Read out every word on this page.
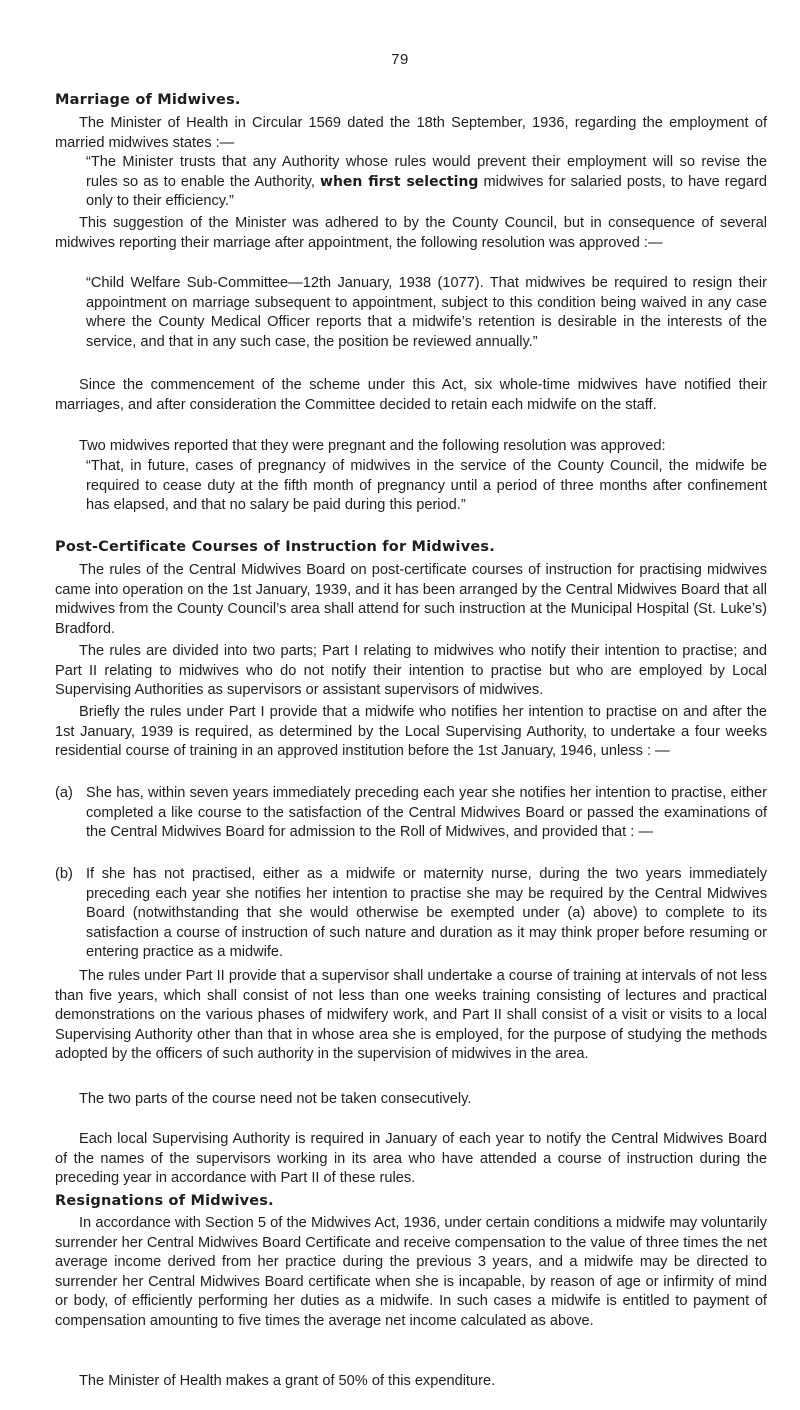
79
Marriage of Midwives.
The Minister of Health in Circular 1569 dated the 18th September, 1936, regarding the employment of married midwives states :—
“The Minister trusts that any Authority whose rules would prevent their employment will so revise the rules so as to enable the Authority, when first selecting midwives for salaried posts, to have regard only to their efficiency.”
This suggestion of the Minister was adhered to by the County Council, but in consequence of several midwives reporting their marriage after appointment, the following resolution was approved :—
“Child Welfare Sub-Committee—12th January, 1938 (1077). That midwives be required to resign their appointment on marriage subsequent to appointment, subject to this condition being waived in any case where the County Medical Officer reports that a midwife’s retention is desirable in the interests of the service, and that in any such case, the position be reviewed annually.”
Since the commencement of the scheme under this Act, six whole-time midwives have notified their marriages, and after consideration the Committee decided to retain each midwife on the staff.
Two midwives reported that they were pregnant and the following resolution was approved:
“That, in future, cases of pregnancy of midwives in the service of the County Council, the midwife be required to cease duty at the fifth month of pregnancy until a period of three months after confinement has elapsed, and that no salary be paid during this period.”
Post-Certificate Courses of Instruction for Midwives.
The rules of the Central Midwives Board on post-certificate courses of instruction for practising midwives came into operation on the 1st January, 1939, and it has been arranged by the Central Midwives Board that all midwives from the County Council’s area shall attend for such instruction at the Municipal Hospital (St. Luke’s) Bradford.
The rules are divided into two parts; Part I relating to midwives who notify their intention to practise; and Part II relating to midwives who do not notify their intention to practise but who are employed by Local Supervising Authorities as supervisors or assistant supervisors of midwives.
Briefly the rules under Part I provide that a midwife who notifies her intention to practise on and after the 1st January, 1939 is required, as determined by the Local Supervising Authority, to undertake a four weeks residential course of training in an approved institution before the 1st January, 1946, unless : —
(a) She has, within seven years immediately preceding each year she notifies her intention to practise, either completed a like course to the satisfaction of the Central Midwives Board or passed the examinations of the Central Midwives Board for admission to the Roll of Midwives, and provided that : —
(b) If she has not practised, either as a midwife or maternity nurse, during the two years immediately preceding each year she notifies her intention to practise she may be required by the Central Midwives Board (notwithstanding that she would otherwise be exempted under (a) above) to complete to its satisfaction a course of instruction of such nature and duration as it may think proper before resuming or entering practice as a midwife.
The rules under Part II provide that a supervisor shall undertake a course of training at intervals of not less than five years, which shall consist of not less than one weeks training consisting of lectures and practical demonstrations on the various phases of midwifery work, and Part II shall consist of a visit or visits to a local Supervising Authority other than that in whose area she is employed, for the purpose of studying the methods adopted by the officers of such authority in the supervision of midwives in the area.
The two parts of the course need not be taken consecutively.
Each local Supervising Authority is required in January of each year to notify the Central Midwives Board of the names of the supervisors working in its area who have attended a course of instruction during the preceding year in accordance with Part II of these rules.
Resignations of Midwives.
In accordance with Section 5 of the Midwives Act, 1936, under certain conditions a midwife may voluntarily surrender her Central Midwives Board Certificate and receive compensation to the value of three times the net average income derived from her practice during the previous 3 years, and a midwife may be directed to surrender her Central Midwives Board certificate when she is incapable, by reason of age or infirmity of mind or body, of efficiently performing her duties as a midwife. In such cases a midwife is entitled to payment of compensation amounting to five times the average net income calculated as above.
The Minister of Health makes a grant of 50% of this expenditure.
